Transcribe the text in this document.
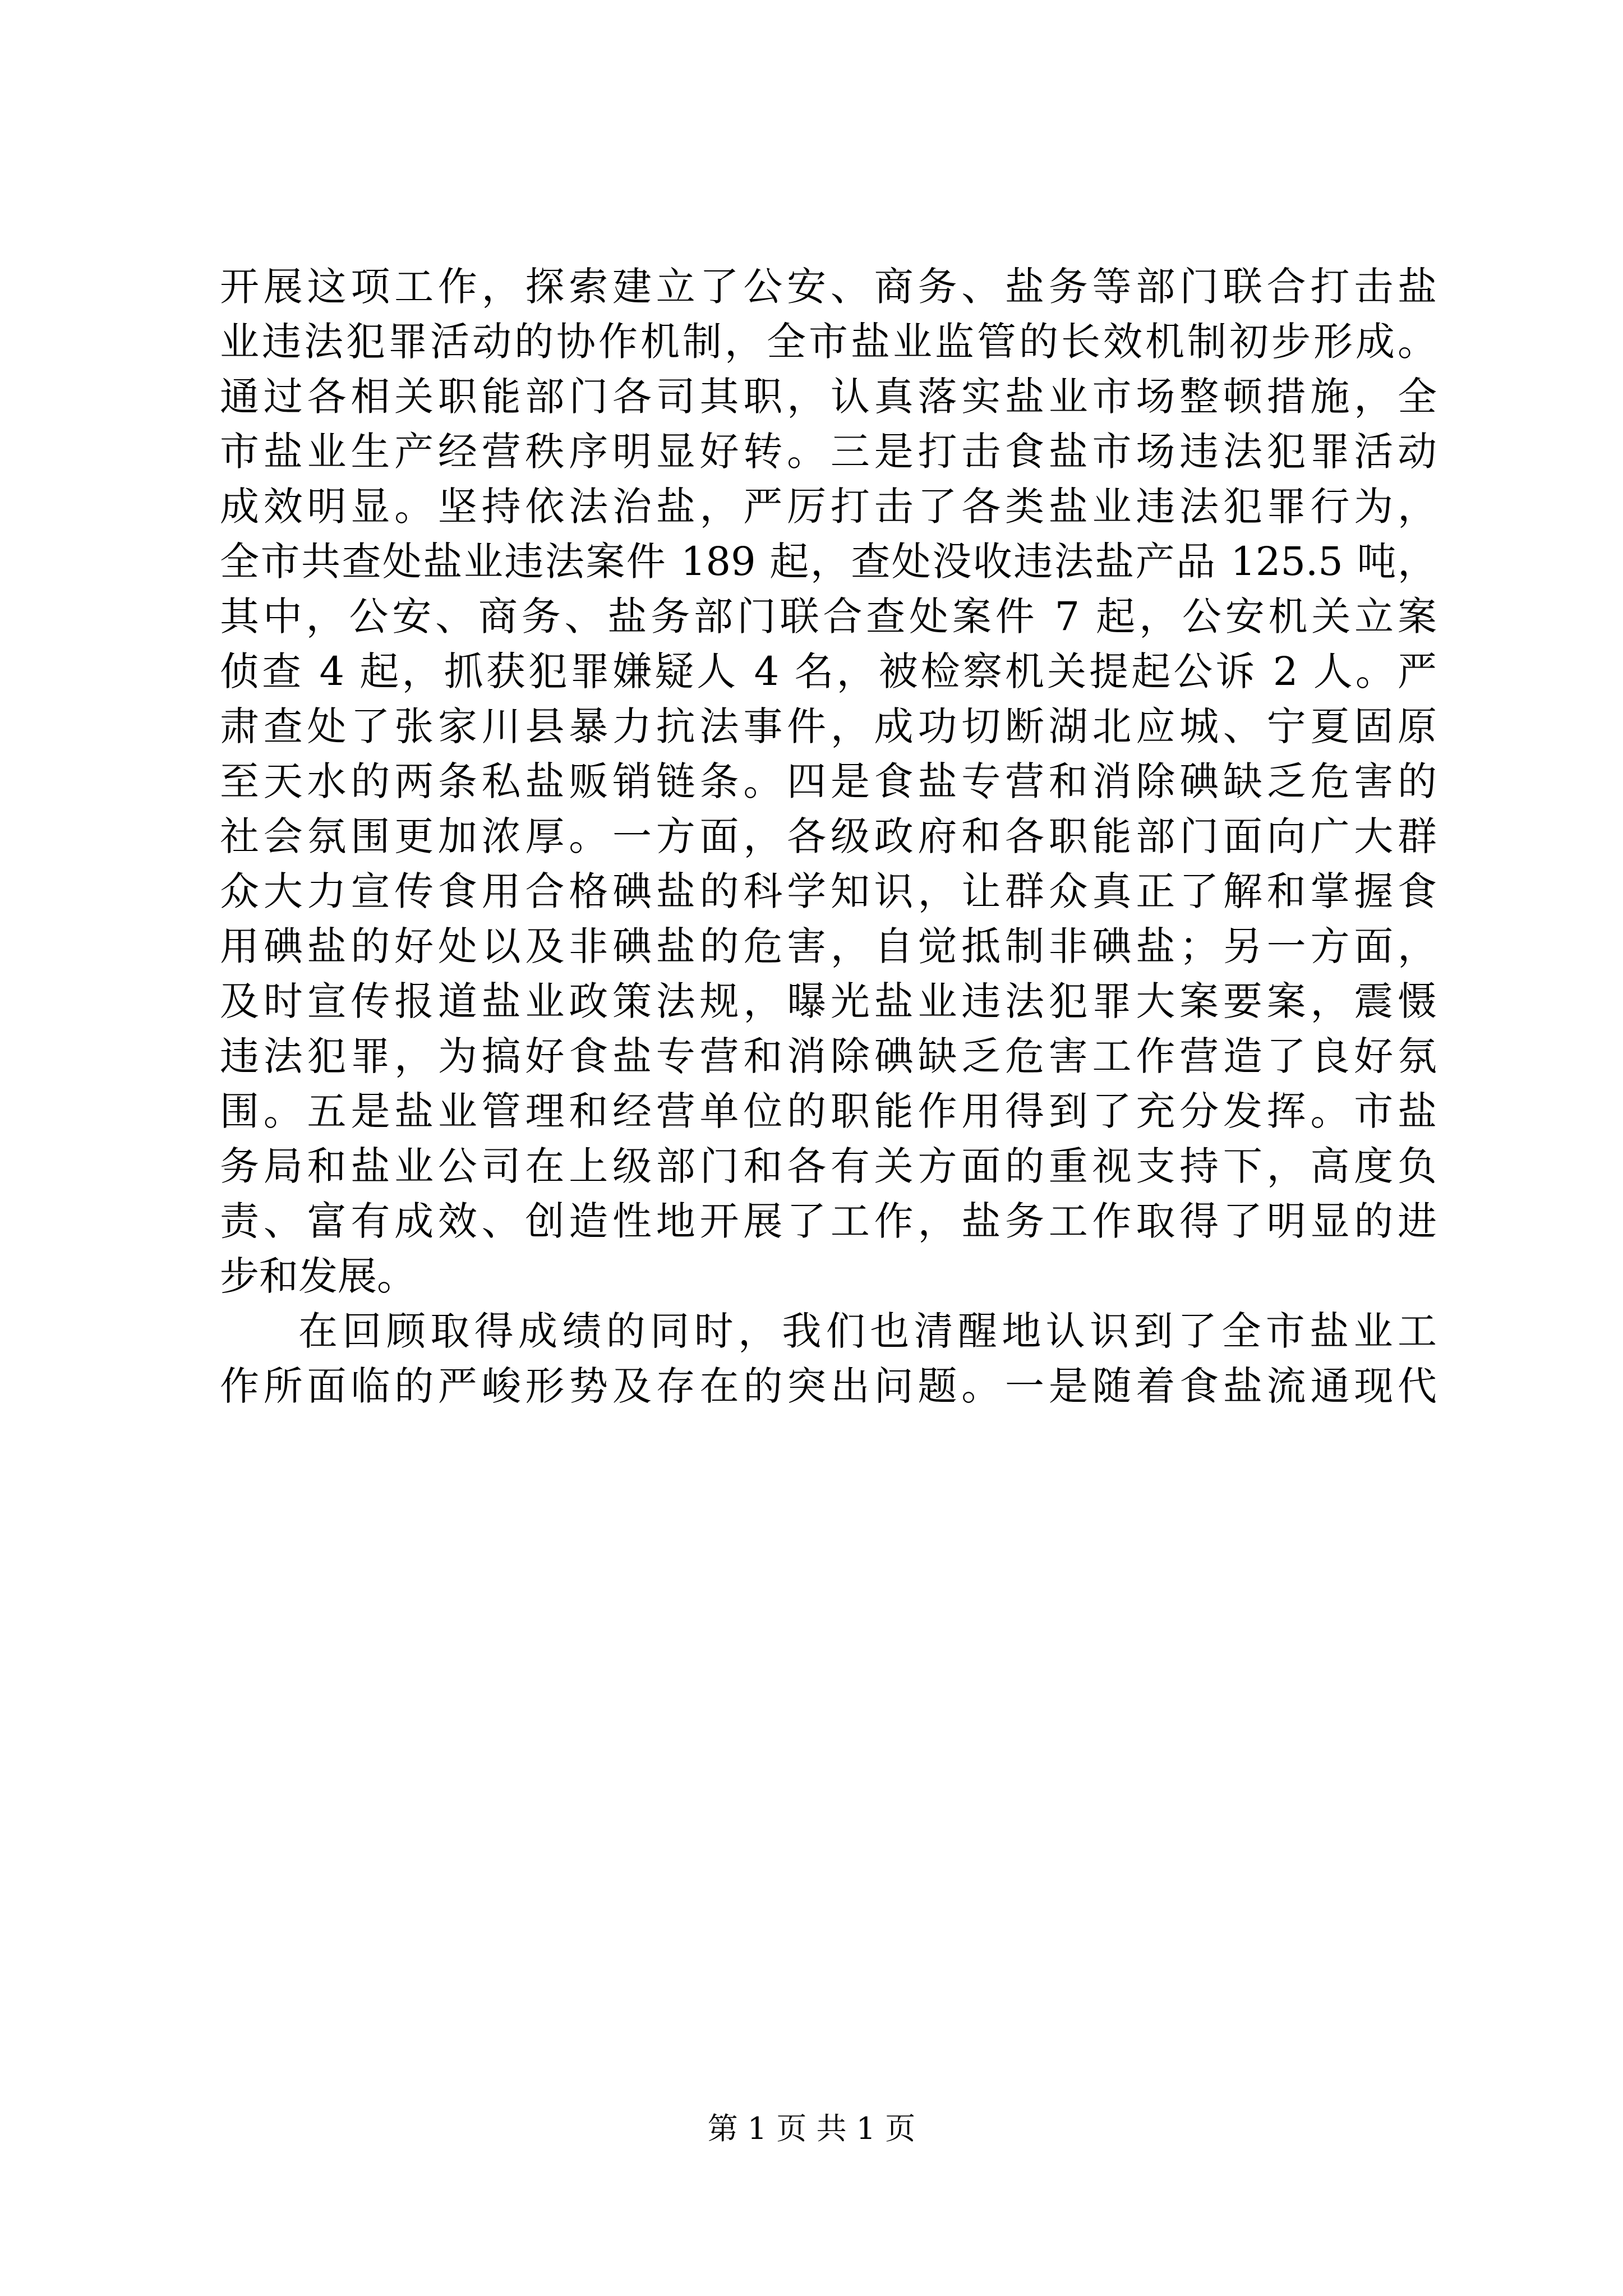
开展这项工作，探索建立了公安、商务、盐务等部门联合打击盐
业违法犯罪活动的协作机制，全市盐业监管的长效机制初步形成。
通过各相关职能部门各司其职，认真落实盐业市场整顿措施，全
市盐业生产经营秩序明显好转。三是打击食盐市场违法犯罪活动
成效明显。坚持依法治盐，严厉打击了各类盐业违法犯罪行为，
全市共查处盐业违法案件 189 起，查处没收违法盐产品 125.5 吨，
其中，公安、商务、盐务部门联合查处案件 7 起，公安机关立案
侦查 4 起，抓获犯罪嫌疑人 4 名，被检察机关提起公诉 2 人。严
肃查处了张家川县暴力抗法事件，成功切断湖北应城、宁夏固原
至天水的两条私盐贩销链条。四是食盐专营和消除碘缺乏危害的
社会氛围更加浓厚。一方面，各级政府和各职能部门面向广大群
众大力宣传食用合格碘盐的科学知识，让群众真正了解和掌握食
用碘盐的好处以及非碘盐的危害，自觉抵制非碘盐；另一方面，
及时宣传报道盐业政策法规，曝光盐业违法犯罪大案要案，震慑
违法犯罪，为搞好食盐专营和消除碘缺乏危害工作营造了良好氛
围。五是盐业管理和经营单位的职能作用得到了充分发挥。市盐
务局和盐业公司在上级部门和各有关方面的重视支持下，高度负
责、富有成效、创造性地开展了工作，盐务工作取得了明显的进
步和发展。
在回顾取得成绩的同时，我们也清醒地认识到了全市盐业工
作所面临的严峻形势及存在的突出问题。一是随着食盐流通现代
第 1 页 共 1 页
